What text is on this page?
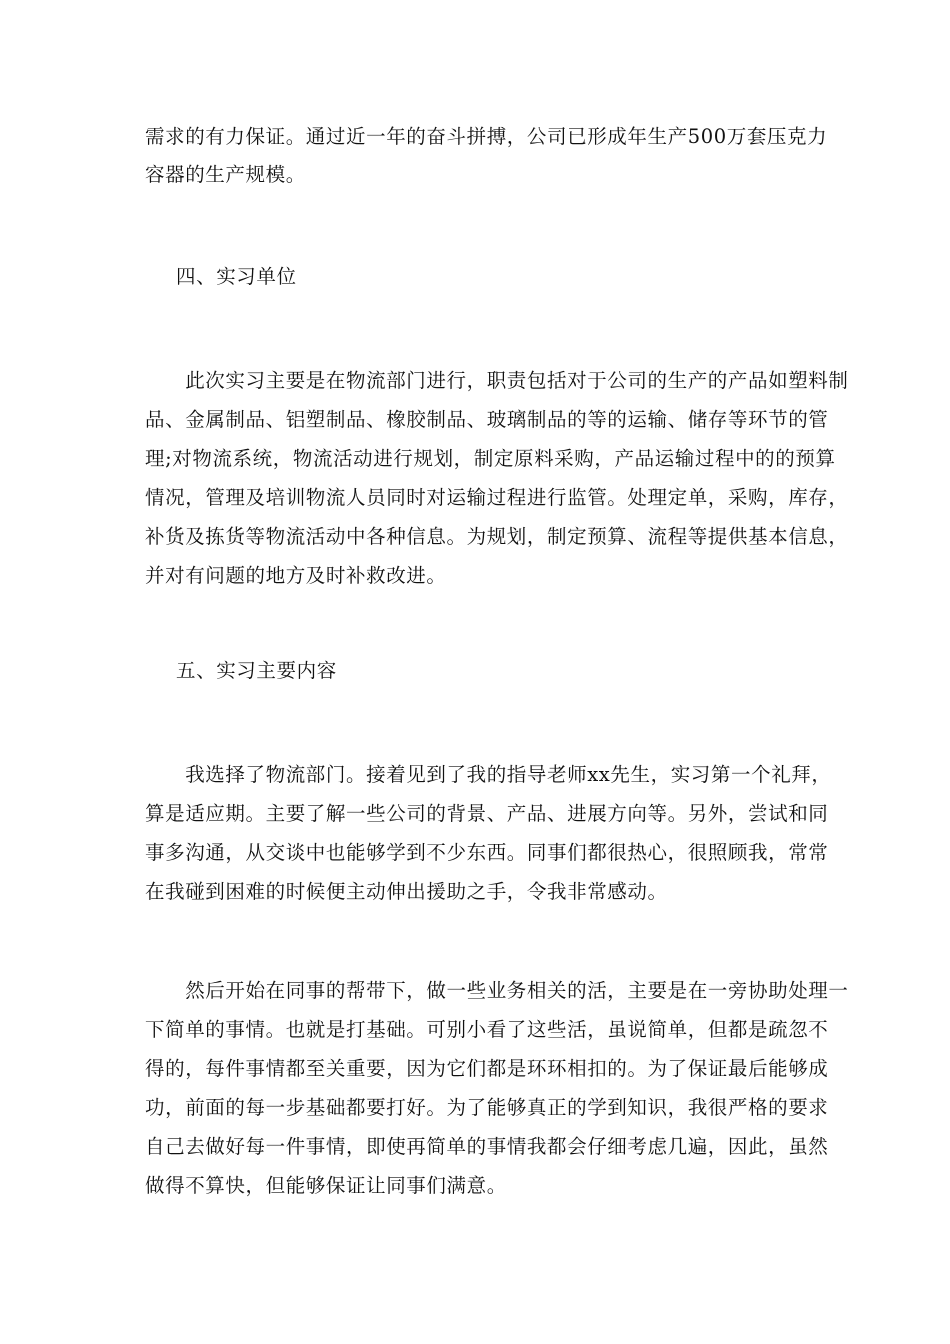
需求的有力保证。通过近一年的奋斗拼搏，公司已形成年生产500万套压克力
容器的生产规模。
四、实习单位
　　此次实习主要是在物流部门进行，职责包括对于公司的生产的产品如塑料制
品、金属制品、铝塑制品、橡胶制品、玻璃制品的等的运输、储存等环节的管
理;对物流系统，物流活动进行规划，制定原料采购，产品运输过程中的的预算
情况，管理及培训物流人员同时对运输过程进行监管。处理定单，采购，库存，
补货及拣货等物流活动中各种信息。为规划，制定预算、流程等提供基本信息，
并对有问题的地方及时补救改进。
五、实习主要内容
　　我选择了物流部门。接着见到了我的指导老师xx先生，实习第一个礼拜，
算是适应期。主要了解一些公司的背景、产品、进展方向等。另外，尝试和同
事多沟通，从交谈中也能够学到不少东西。同事们都很热心，很照顾我，常常
在我碰到困难的时候便主动伸出援助之手，令我非常感动。
　　然后开始在同事的帮带下，做一些业务相关的活，主要是在一旁协助处理一
下简单的事情。也就是打基础。可别小看了这些活，虽说简单，但都是疏忽不
得的，每件事情都至关重要，因为它们都是环环相扣的。为了保证最后能够成
功，前面的每一步基础都要打好。为了能够真正的学到知识，我很严格的要求
自己去做好每一件事情，即使再简单的事情我都会仔细考虑几遍，因此，虽然
做得不算快，但能够保证让同事们满意。
